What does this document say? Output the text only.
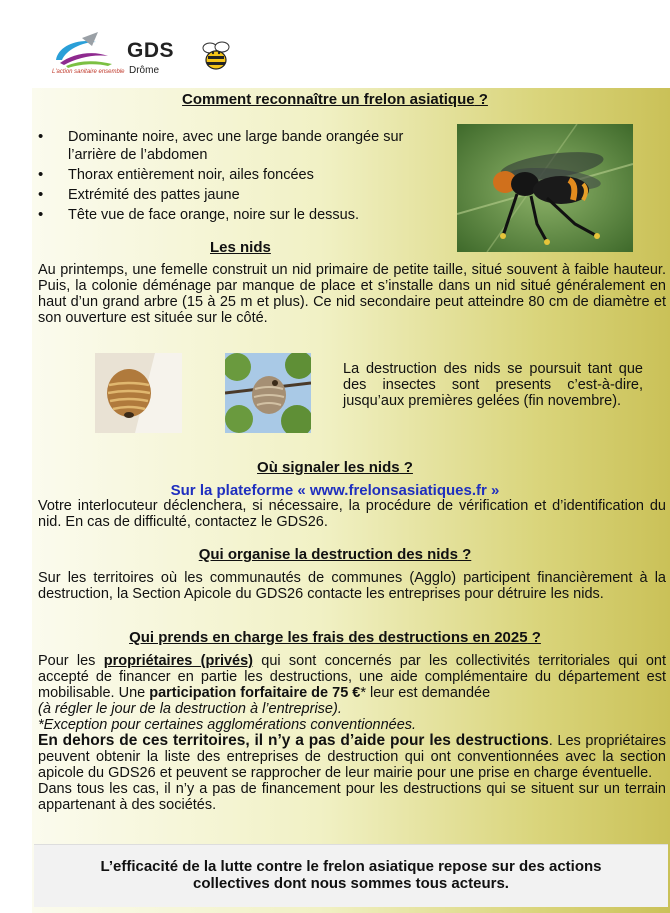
L'action sanitaire ensemble
GDS
Drôme
Comment reconnaître un frelon asiatique ?
• Dominante noire, avec une large bande orangée sur l’arrière de l’abdomen
• Thorax entièrement noir, ailes foncées
• Extrémité des pattes jaune
• Tête vue de face orange, noire sur le dessus.
Les nids
Au printemps, une femelle construit un nid primaire de petite taille, situé souvent à faible hauteur. Puis, la colonie déménage par manque de place et s’installe dans un nid situé généralement en haut d’un grand arbre (15 à 25 m et plus). Ce nid secondaire peut atteindre 80 cm de diamètre et son ouverture est située sur le côté.
La destruction des nids se poursuit tant que des insectes sont presents c’est-à-dire, jusqu’aux premières gelées (fin novembre).
Où signaler les nids ?
Sur la plateforme « www.frelonsasiatiques.fr »
Votre interlocuteur déclenchera, si nécessaire, la procédure de vérification et d’identification du nid. En cas de difficulté, contactez le GDS26.
Qui organise la destruction des nids ?
Sur les territoires où les communautés de communes (Agglo) participent financièrement à la destruction, la Section Apicole du GDS26 contacte les entreprises pour détruire les nids.
Qui prends en charge les frais des destructions en 2025 ?
Pour les propriétaires (privés) qui sont concernés par les collectivités territoriales qui ont accepté de financer en partie les destructions, une aide complémentaire du département est mobilisable. Une participation forfaitaire de 75 €* leur est demandée
(à régler le jour de la destruction à l’entreprise).
*Exception pour certaines agglomérations conventionnées.
En dehors de ces territoires, il n’y a pas d’aide pour les destructions. Les propriétaires peuvent obtenir la liste des entreprises de destruction qui ont conventionnées avec la section apicole du GDS26 et peuvent se rapprocher de leur mairie pour une prise en charge éventuelle.
Dans tous les cas, il n’y a pas de financement pour les destructions qui se situent sur un terrain appartenant à des sociétés.
L’efficacité de la lutte contre le frelon asiatique repose sur des actions
collectives dont nous sommes tous acteurs.
